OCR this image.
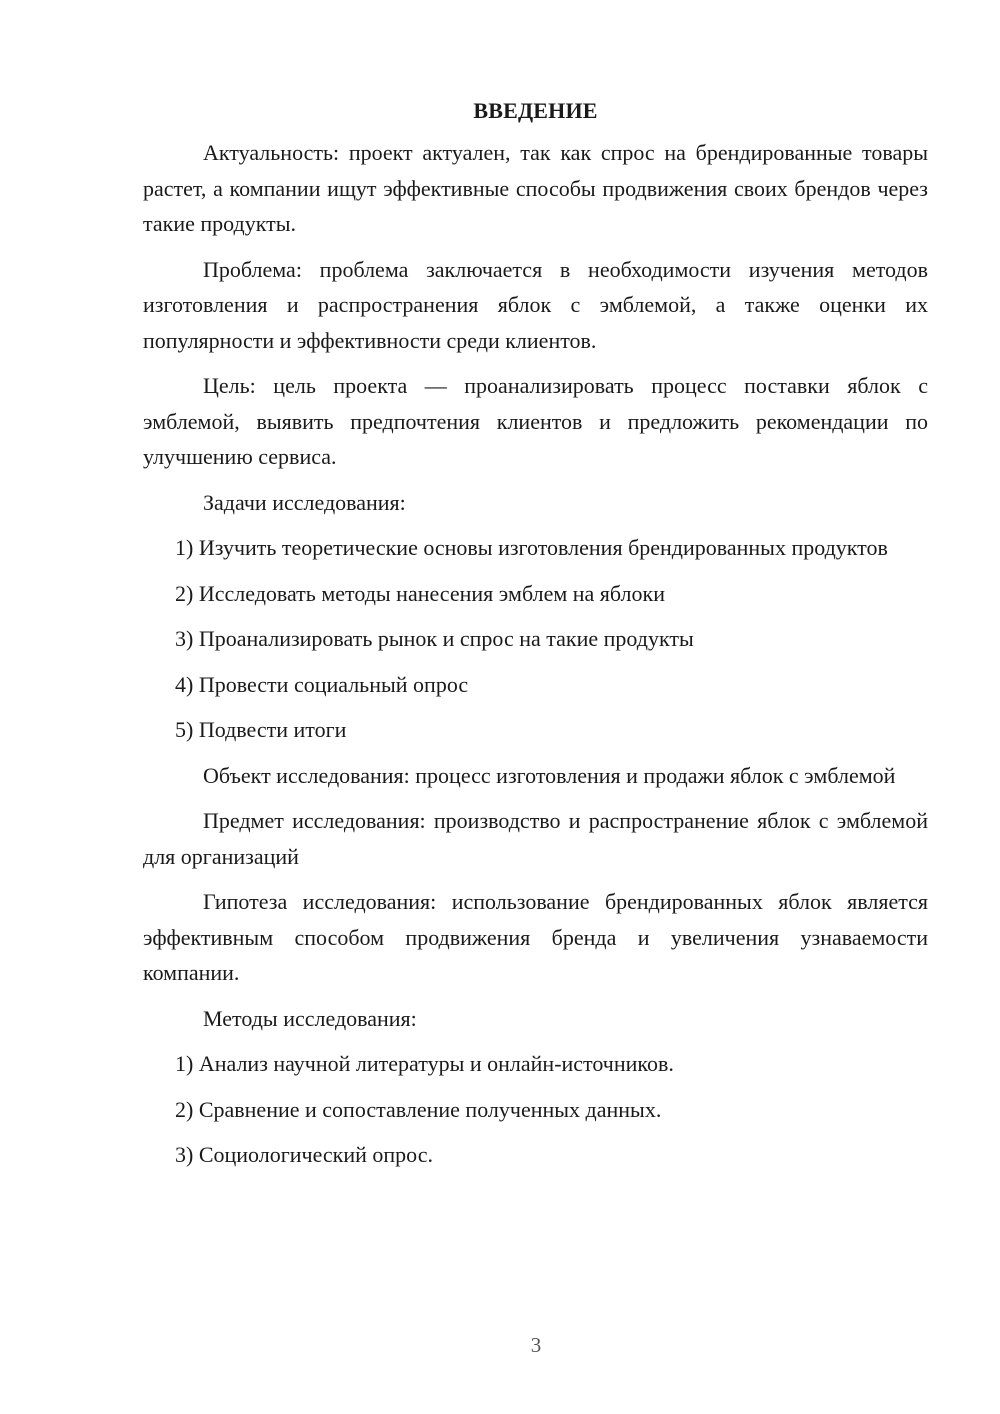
ВВЕДЕНИЕ

Актуальность: проект актуален, так как спрос на брендированные товары растет, а компании ищут эффективные способы продвижения своих брендов через такие продукты.

Проблема: проблема заключается в необходимости изучения методов изготовления и распространения яблок с эмблемой, а также оценки их популярности и эффективности среди клиентов.

Цель: цель проекта — проанализировать процесс поставки яблок с эмблемой, выявить предпочтения клиентов и предложить рекомендации по улучшению сервиса.

Задачи исследования:

1) Изучить теоретические основы изготовления брендированных продуктов

2) Исследовать методы нанесения эмблем на яблоки

3) Проанализировать рынок и спрос на такие продукты

4) Провести социальный опрос

5) Подвести итоги

Объект исследования: процесс изготовления и продажи яблок с эмблемой

Предмет исследования: производство и распространение яблок с эмблемой для организаций

Гипотеза исследования: использование брендированных яблок является эффективным способом продвижения бренда и увеличения узнаваемости компании.

Методы исследования:

1) Анализ научной литературы и онлайн-источников.

2) Сравнение и сопоставление полученных данных.

3) Социологический опрос.

3
